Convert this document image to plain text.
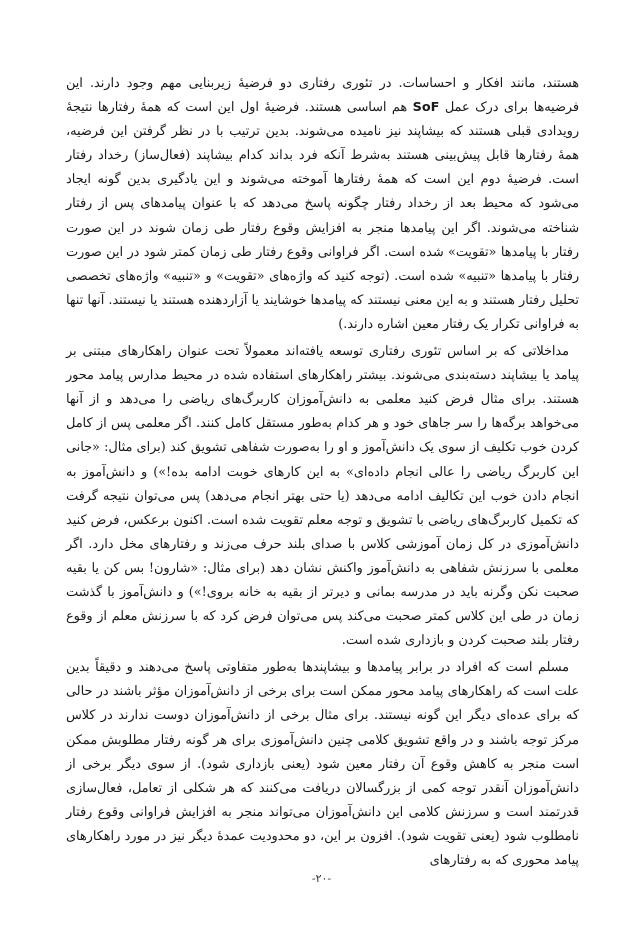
هستند، مانند افکار و احساسات. در تئوری رفتاری دو فرضیهٔ زیربنایی مهم وجود دارند. این فرضیه‌ها برای درک عمل SoF هم اساسی هستند. فرضیهٔ اول این است که همهٔ رفتارها نتیجهٔ رویدادی قبلی هستند که بیشاپند نیز نامیده می‌شوند. بدین ترتیب با در نظر گرفتن این فرضیه، همهٔ رفتارها قابل پیش‌بینی هستند به‌شرط آنکه فرد بداند کدام بیشاپند (فعال‌ساز) رخداد رفتار است. فرضیهٔ دوم این است که همهٔ رفتارها آموخته می‌شوند و این یادگیری بدین گونه ایجاد می‌شود که محیط بعد از رخداد رفتار چگونه پاسخ می‌دهد که با عنوان پیامدهای پس از رفتار شناخته می‌شوند. اگر این پیامدها منجر به افزایش وقوع رفتار طی زمان شوند در این صورت رفتار با پیامدها «تقویت» شده است. اگر فراوانی وقوع رفتار طی زمان کمتر شود در این صورت رفتار با پیامدها «تنبیه» شده است. (توجه کنید که واژه‌های «تقویت» و «تنبیه» واژه‌های تخصصی تحلیل رفتار هستند و به این معنی نیستند که پیامدها خوشایند یا آزاردهنده هستند یا نیستند. آنها تنها به فراوانی تکرار یک رفتار معین اشاره دارند.)

مداخلاتی که بر اساس تئوری رفتاری توسعه یافته‌اند معمولاً تحت عنوان راهکارهای مبتنی بر پیامد یا بیشاپند دسته‌بندی می‌شوند. بیشتر راهکارهای استفاده شده در محیط مدارس پیامد محور هستند. برای مثال فرض کنید معلمی به دانش‌آموزان کاربرگ‌های ریاضی را می‌دهد و از آنها می‌خواهد برگه‌ها را سر جاهای خود و هر کدام به‌طور مستقل کامل کنند. اگر معلمی پس از کامل کردن خوب تکلیف از سوی یک دانش‌آموز و او را به‌صورت شفاهی تشویق کند (برای مثال: «جانی این کاربرگ ریاضی را عالی انجام داده‌ای» به این کارهای خوبت ادامه بده!») و دانش‌آموز به انجام دادن خوب این تکالیف ادامه می‌دهد (یا حتی بهتر انجام می‌دهد) پس می‌توان نتیجه گرفت که تکمیل کاربرگ‌های ریاضی با تشویق و توجه معلم تقویت شده است. اکنون برعکس، فرض کنید دانش‌آموزی در کل زمان آموزشی کلاس با صدای بلند حرف می‌زند و رفتارهای مخل دارد. اگر معلمی با سرزنش شفاهی به دانش‌آموز واکنش نشان دهد (برای مثال: «شارون! بس کن یا بقیه صحبت نکن وگرنه باید در مدرسه بمانی و دیرتر از بقیه به خانه بروی!») و دانش‌آموز با گذشت زمان در طی این کلاس کمتر صحبت می‌کند پس می‌توان فرض کرد که با سرزنش معلم از وقوع رفتار بلند صحبت کردن و بازداری شده است.

مسلم است که افراد در برابر پیامدها و بیشاپندها به‌طور متفاوتی پاسخ می‌دهند و دقیقاً بدین علت است که راهکارهای پیامد محور ممکن است برای برخی از دانش‌آموزان مؤثر باشند در حالی که برای عده‌ای دیگر این گونه نیستند. برای مثال برخی از دانش‌آموزان دوست ندارند در کلاس مرکز توجه باشند و در واقع تشویق کلامی چنین دانش‌آموزی برای هر گونه رفتار مطلوبش ممکن است منجر به کاهش وقوع آن رفتار معین شود (یعنی بازداری شود). از سوی دیگر برخی از دانش‌آموزان آنقدر توجه کمی از بزرگسالان دریافت می‌کنند که هر شکلی از تعامل، فعال‌سازی قدرتمند است و سرزنش کلامی این دانش‌آموزان می‌تواند منجر به افزایش فراوانی وقوع رفتار نامطلوب شود (یعنی تقویت شود). افزون بر این، دو محدودیت عمدهٔ دیگر نیز در مورد راهکارهای پیامد محوری که به رفتارهای

-۲۰-
